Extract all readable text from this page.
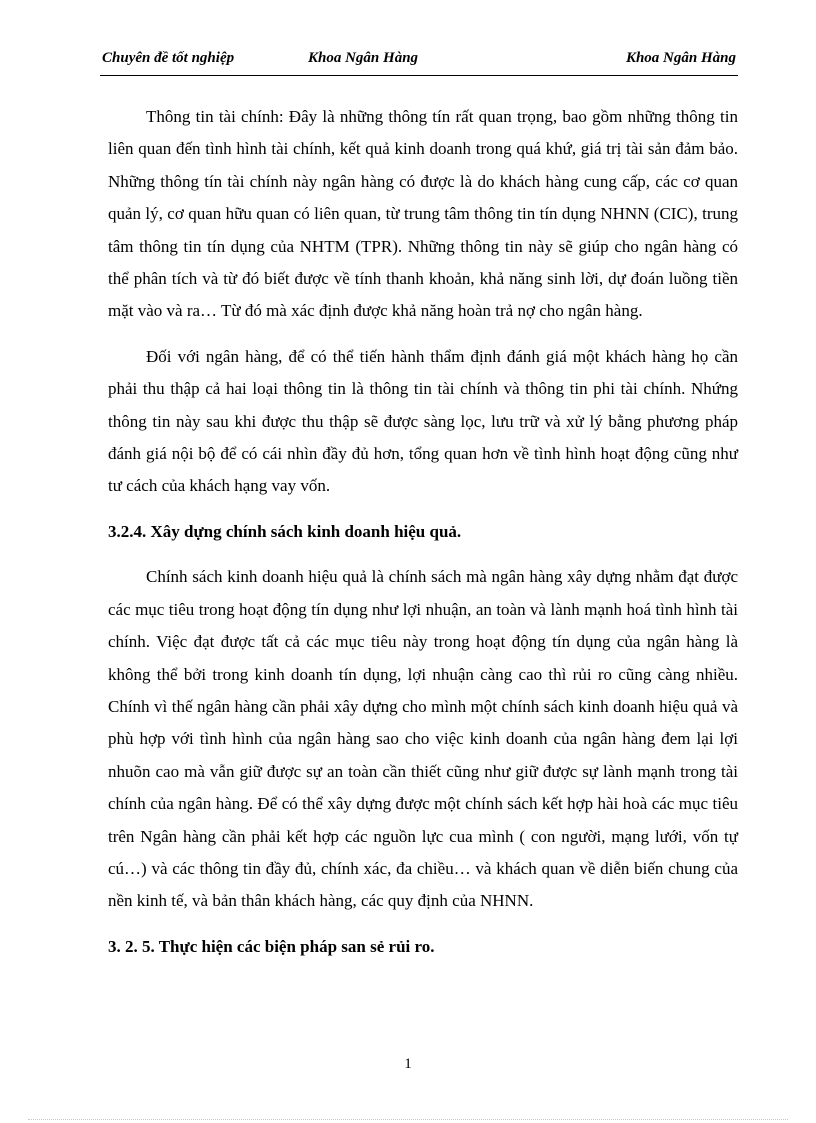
Chuyên đề tốt nghiệp	Khoa Ngân Hàng	Khoa Ngân Hàng

Thông tin tài chính: Đây là những thông tín rất quan trọng, bao gồm những thông tin liên quan đến tình hình tài chính, kết quả kinh doanh trong quá khứ, giá trị tài sản đảm bảo. Những thông tín tài chính này ngân hàng có được là do khách hàng cung cấp, các cơ quan quản lý, cơ quan hữu quan có liên quan, từ trung tâm thông tin tín dụng NHNN (CIC), trung tâm thông tin tín dụng của NHTM (TPR). Những thông tin này sẽ giúp cho ngân hàng có thể phân tích và từ đó biết được về tính thanh khoản, khả năng sinh lời, dự đoán luồng tiền mặt vào và ra… Từ đó mà xác định được khả năng hoàn trả nợ cho ngân hàng.

Đối với ngân hàng, để có thể tiến hành thẩm định đánh giá một khách hàng họ cần phải thu thập cả hai loại thông tin là thông tin tài chính và thông tin phi tài chính. Nhứng thông tin này sau khi được thu thập sẽ được sàng lọc, lưu trữ và xử lý bằng phương pháp đánh giá nội bộ để có cái nhìn đầy đủ hơn, tổng quan hơn về tình hình hoạt động cũng như tư cách của khách hạng vay vốn.

3.2.4. Xây dựng chính sách kinh doanh hiệu quả.

Chính sách kinh doanh hiệu quả là chính sách mà ngân hàng xây dựng nhằm đạt được các mục tiêu trong hoạt động tín dụng như lợi nhuận, an toàn và lành mạnh hoá tình hình tài chính. Việc đạt được tất cả các mục tiêu này trong hoạt động tín dụng của ngân hàng là không thể bởi trong kinh doanh tín dụng, lợi nhuận càng cao thì rủi ro cũng càng nhiều. Chính vì thế ngân hàng cần phải xây dựng cho mình một chính sách kinh doanh hiệu quả và phù hợp với tình hình của ngân hàng sao cho việc kinh doanh của ngân hàng đem lại lợi nhuõn cao mà vẫn giữ được sự an toàn cần thiết cũng như giữ được sự lành mạnh trong tài chính của ngân hàng. Để có thể xây dựng được một chính sách kết hợp hài hoà các mục tiêu trên Ngân hàng cần phải kết hợp các nguồn lực cua mình ( con người, mạng lưới, vốn tự cú…) và các thông tin đầy đủ, chính xác, đa chiều… và khách quan về diễn biến chung của nền kinh tế, và bản thân khách hàng, các quy định của NHNN.

3. 2. 5. Thực hiện các biện pháp san sẻ rủi ro.
1
